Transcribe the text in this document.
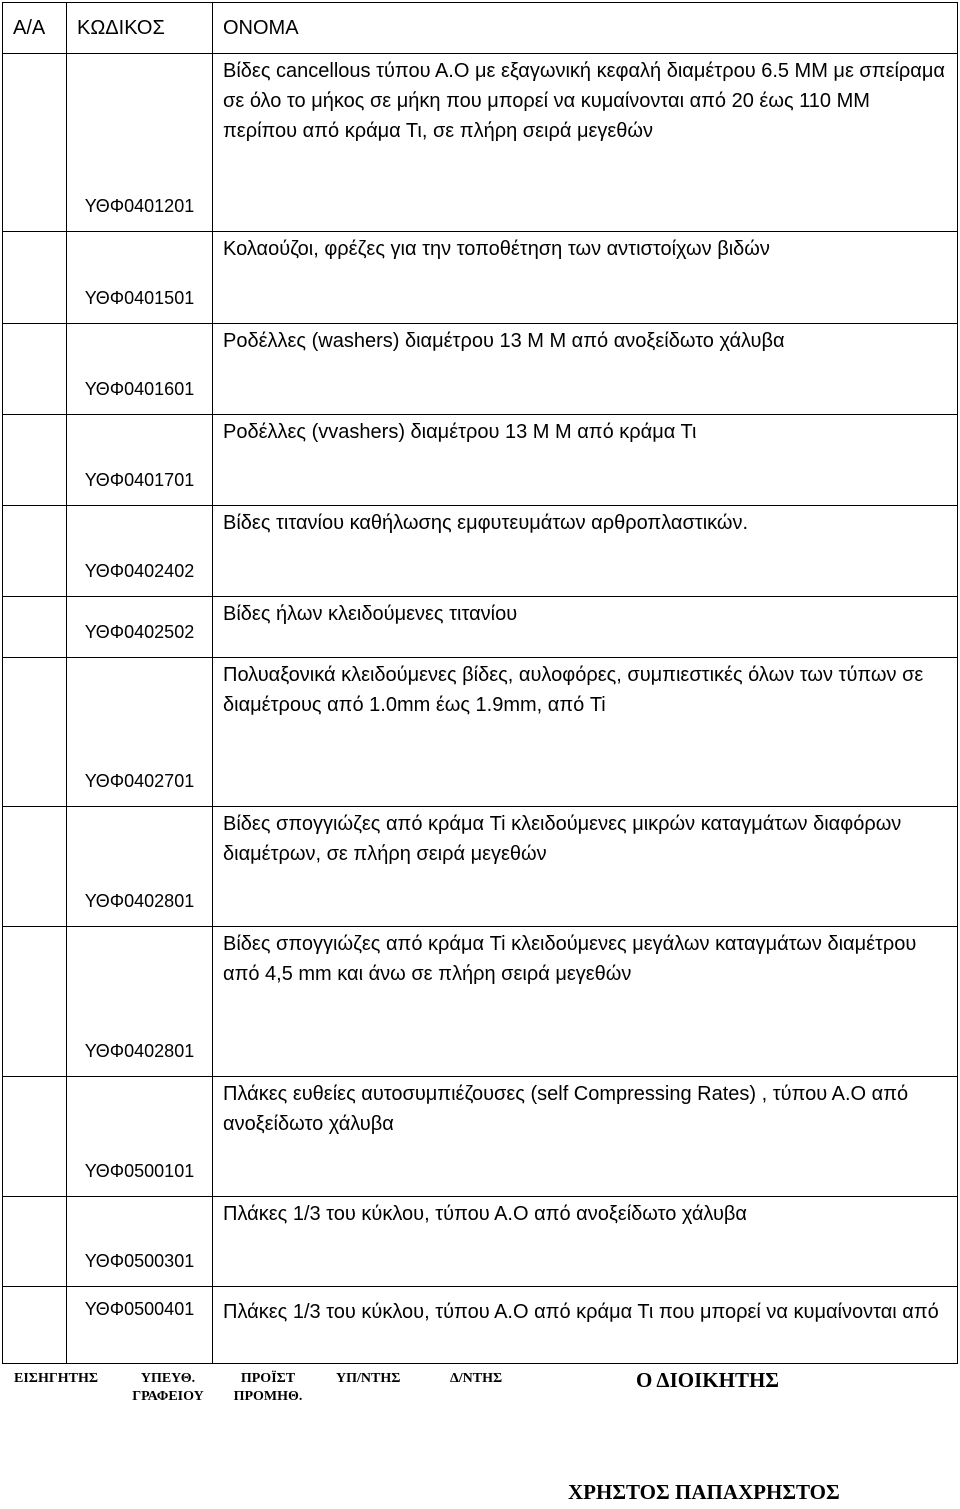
Α/Α	ΚΩΔΙΚΟΣ	ΟΝΟΜΑ
	ΥΘΦ0401201	Βίδες cancellous τύπου Α.Ο με εξαγωνική κεφαλή διαμέτρου 6.5 MM με σπείραμα σε όλο το μήκος σε μήκη που μπορεί να κυμαίνονται από 20 έως 110 MM περίπου από κράμα Τι, σε πλήρη σειρά μεγεθών
	ΥΘΦ0401501	Κολαούζοι, φρέζες για την τοποθέτηση των αντιστοίχων βιδών
	ΥΘΦ0401601	Ροδέλλες (washers) διαμέτρου 13 M M από ανοξείδωτο χάλυβα
	ΥΘΦ0401701	Ροδέλλες (vvashers) διαμέτρου 13 M M από κράμα Τι
	ΥΘΦ0402402	Βίδες τιτανίου καθήλωσης εμφυτευμάτων αρθροπλαστικών.
	ΥΘΦ0402502	Βίδες ήλων κλειδούμενες τιτανίου
	ΥΘΦ0402701	Πολυαξονικά κλειδούμενες βίδες, αυλοφόρες, συμπιεστικές όλων των τύπων σε διαμέτρους από 1.0mm έως 1.9mm, από Ti
	ΥΘΦ0402801	Βίδες σπογγιώζες από κράμα Ti κλειδούμενες μικρών καταγμάτων διαφόρων διαμέτρων, σε πλήρη σειρά μεγεθών
	ΥΘΦ0402801	Βίδες σπογγιώζες από κράμα Ti κλειδούμενες μεγάλων καταγμάτων διαμέτρου από 4,5 mm και άνω σε πλήρη σειρά μεγεθών
	ΥΘΦ0500101	Πλάκες ευθείες αυτοσυμπιέζουσες (self Compressing Rates) , τύπου Α.Ο από ανοξείδωτο χάλυβα
	ΥΘΦ0500301	Πλάκες 1/3 του κύκλου, τύπου Α.Ο από ανοξείδωτο χάλυβα
	ΥΘΦ0500401	Πλάκες 1/3 του κύκλου, τύπου Α.Ο από κράμα Τι που μπορεί να κυμαίνονται από
ΕΙΣΗΓΗΤΗΣ	ΥΠΕΥΘ. ΓΡΑΦΕΙΟΥ
ΠΡΟΪΣΤ ΠΡΟΜΗΘ.
ΥΠ/ΝΤΗΣ	Δ/ΝΤΗΣ	Ο ΔΙΟΙΚΗΤΗΣ
ΧΡΗΣΤΟΣ ΠΑΠΑΧΡΗΣΤΟΣ
